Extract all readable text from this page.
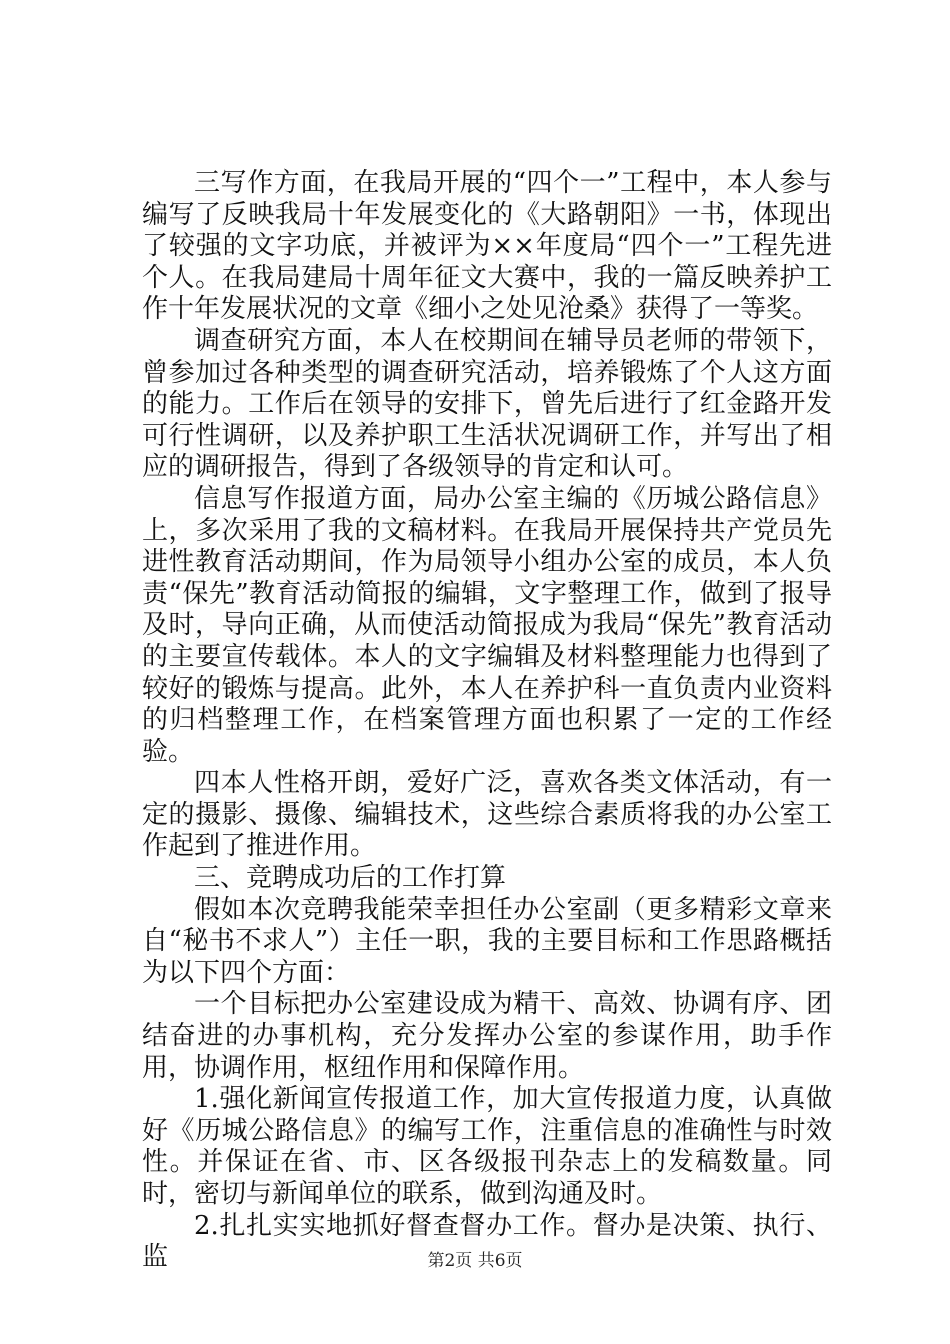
三写作方面，在我局开展的“四个一”工程中，本人参与编写了反映我局十年发展变化的《大路朝阳》一书，体现出了较强的文字功底，并被评为××年度局“四个一”工程先进个人。在我局建局十周年征文大赛中，我的一篇反映养护工作十年发展状况的文章《细小之处见沧桑》获得了一等奖。

调查研究方面，本人在校期间在辅导员老师的带领下，曾参加过各种类型的调查研究活动，培养锻炼了个人这方面的能力。工作后在领导的安排下，曾先后进行了红金路开发可行性调研，以及养护职工生活状况调研工作，并写出了相应的调研报告，得到了各级领导的肯定和认可。

信息写作报道方面，局办公室主编的《历城公路信息》上，多次采用了我的文稿材料。在我局开展保持共产党员先进性教育活动期间，作为局领导小组办公室的成员，本人负责“保先”教育活动简报的编辑，文字整理工作，做到了报导及时，导向正确，从而使活动简报成为我局“保先”教育活动的主要宣传载体。本人的文字编辑及材料整理能力也得到了较好的锻炼与提高。此外，本人在养护科一直负责内业资料的归档整理工作，在档案管理方面也积累了一定的工作经验。

四本人性格开朗，爱好广泛，喜欢各类文体活动，有一定的摄影、摄像、编辑技术，这些综合素质将我的办公室工作起到了推进作用。

三、竞聘成功后的工作打算

假如本次竞聘我能荣幸担任办公室副（更多精彩文章来自“秘书不求人”）主任一职，我的主要目标和工作思路概括为以下四个方面：

一个目标把办公室建设成为精干、高效、协调有序、团结奋进的办事机构，充分发挥办公室的参谋作用，助手作用，协调作用，枢纽作用和保障作用。

1.强化新闻宣传报道工作，加大宣传报道力度，认真做好《历城公路信息》的编写工作，注重信息的准确性与时效性。并保证在省、市、区各级报刊杂志上的发稿数量。同时，密切与新闻单位的联系，做到沟通及时。

2.扎扎实实地抓好督查督办工作。督办是决策、执行、监	第2页 共6页
